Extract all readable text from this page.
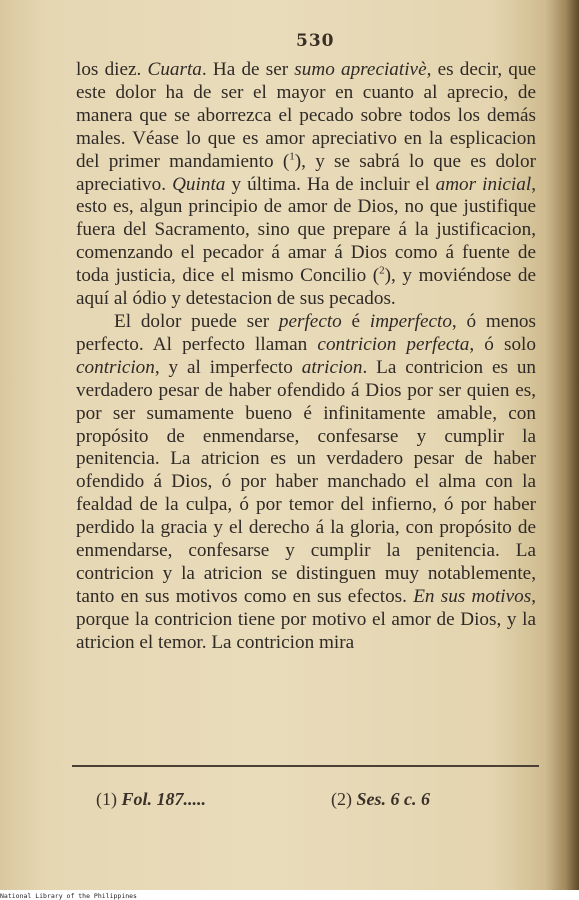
530

los diez. Cuarta. Ha de ser sumo apreciativè, es decir, que este dolor ha de ser el mayor en cuanto al aprecio, de manera que se aborrezca el pecado sobre todos los demás males. Véase lo que es amor apreciativo en la esplicacion del primer mandamiento ($^1$), y se sabrá lo que es dolor apreciativo. Quinta y última. Ha de incluir el amor inicial, esto es, algun principio de amor de Dios, no que justifique fuera del Sacramento, sino que prepare á la justificacion, comenzando el pecador á amar á Dios como á fuente de toda justicia, dice el mismo Concilio ($^2$), y moviéndose de aquí al ódio y detestacion de sus pecados.

El dolor puede ser perfecto é imperfecto, ó menos perfecto. Al perfecto llaman contricion perfecta, ó solo contricion, y al imperfecto atricion. La contricion es un verdadero pesar de haber ofendido á Dios por ser quien es, por ser sumamente bueno é infinitamente amable, con propósito de enmendarse, confesarse y cumplir la penitencia. La atricion es un verdadero pesar de haber ofendido á Dios, ó por haber manchado el alma con la fealdad de la culpa, ó por temor del infierno, ó por haber perdido la gracia y el derecho á la gloria, con propósito de enmendarse, confesarse y cumplir la penitencia. La contricion y la atricion se distinguen muy notablemente, tanto en sus motivos como en sus efectos. En sus motivos, porque la contricion tiene por motivo el amor de Dios, y la atricion el temor. La contricion mira

(1) Fol. 187.....	(2) Ses. 6 c. 6
National Library of the Philippines
